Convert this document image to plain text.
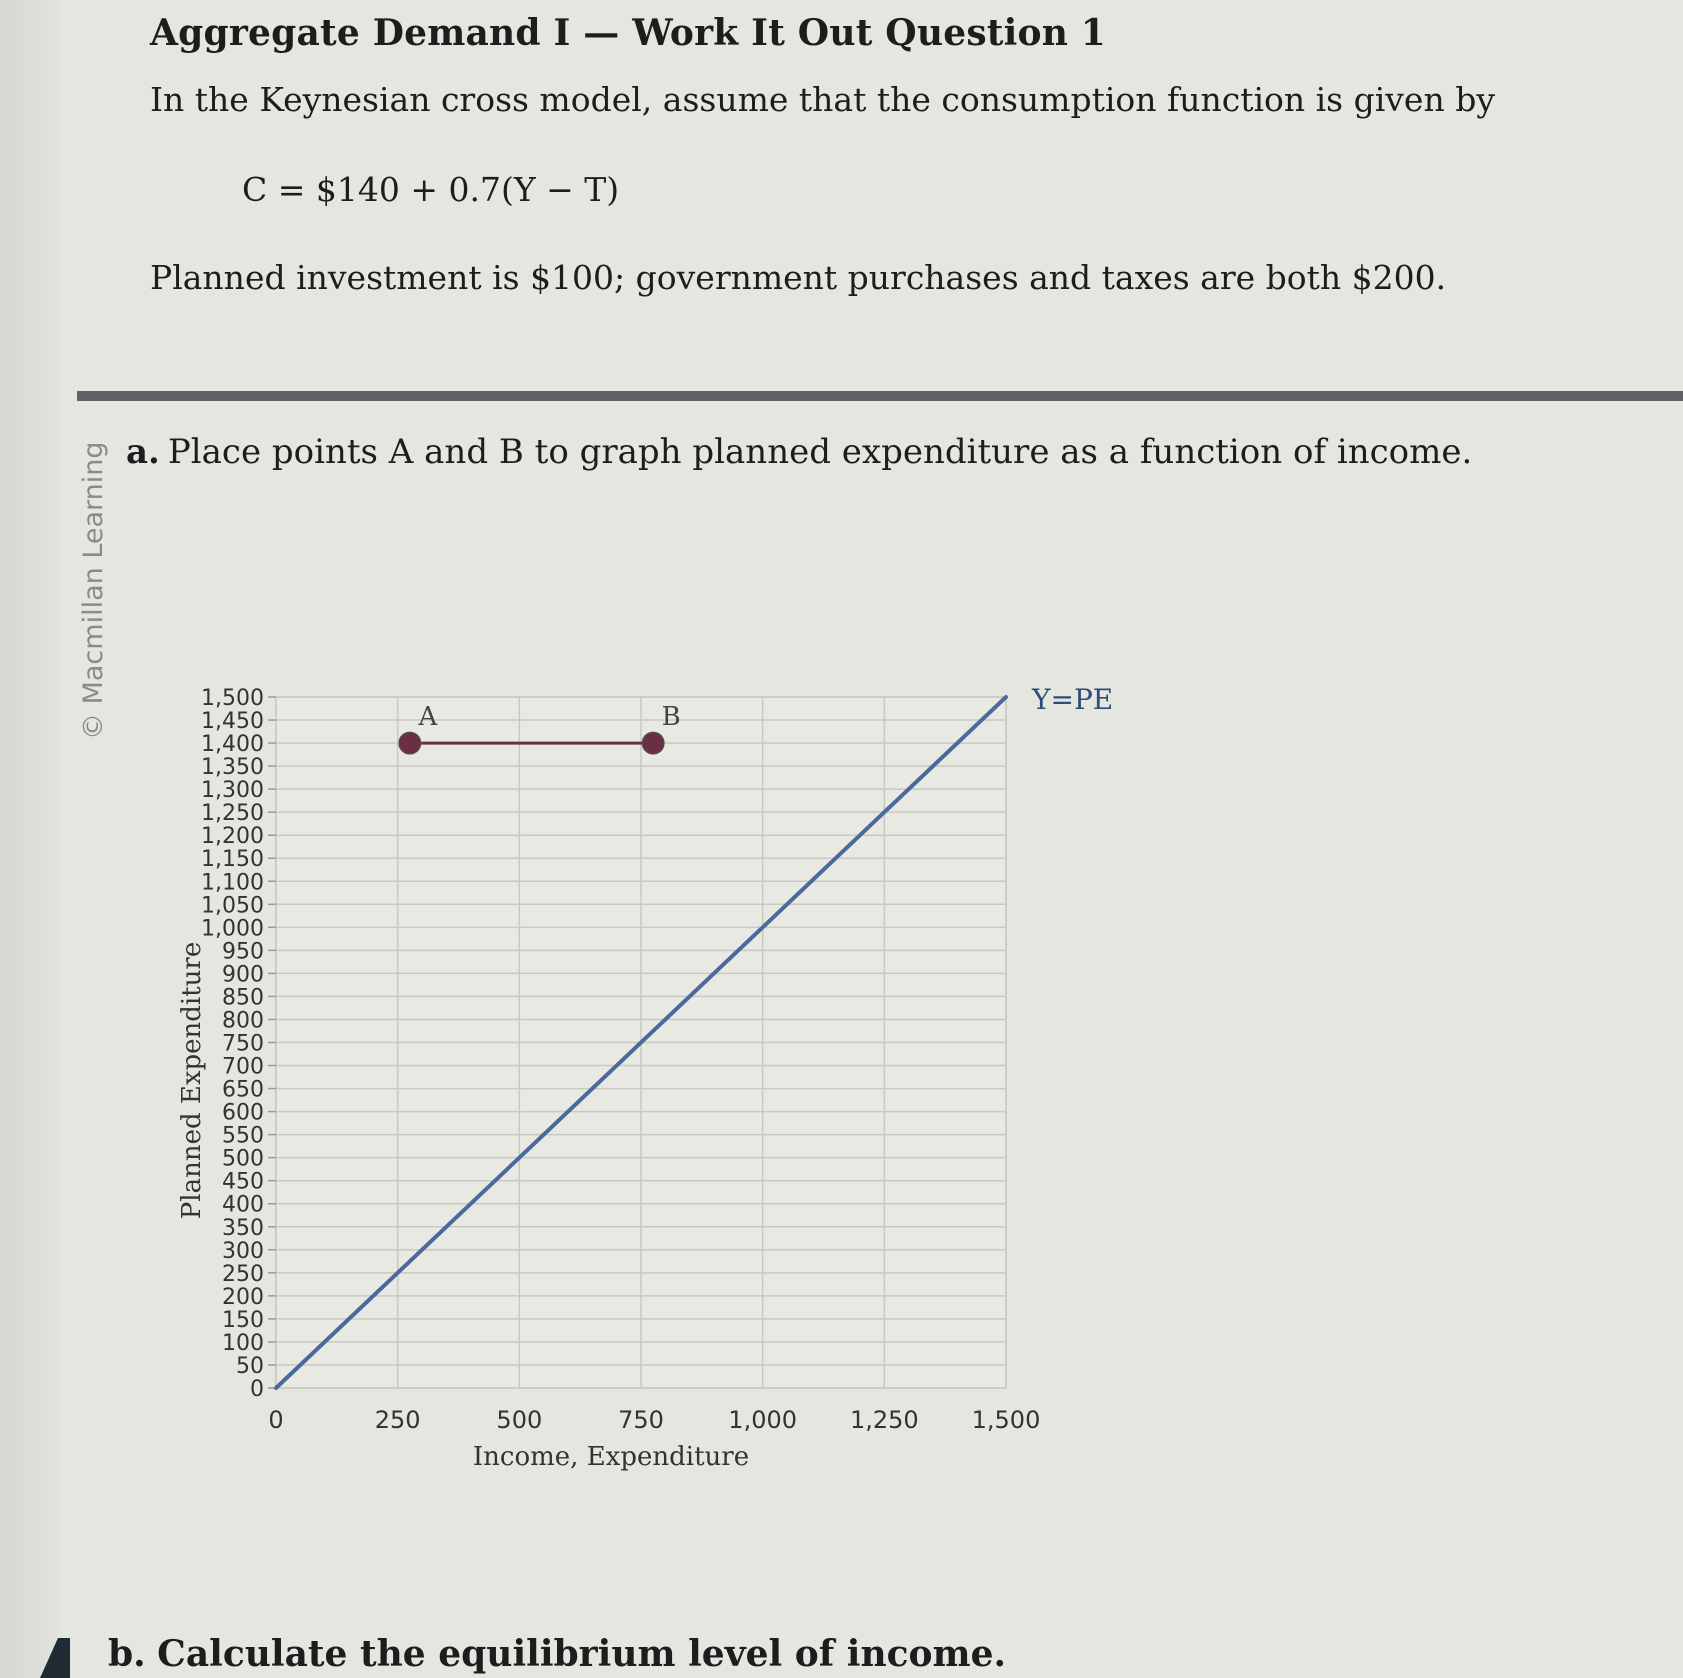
Aggregate Demand I — Work It Out Question 1
In the Keynesian cross model, assume that the consumption function is given by
C = $140 + 0.7(Y − T)
Planned investment is $100; government purchases and taxes are both $200.
© Macmillan Learning a. Place points A and B to graph planned expenditure as a function of income.
0
50
100
150
200
250
300
350
400
450
500
550
600
650
700
750
800
850
900
950
1,000
1,050
1,100
1,150
1,200
1,250
1,300
1,350
1,400
1,450
1,500
0	250	500	750	1,000 1,250 1,500
Income, Expenditure
Planned Expenditure
Y=PE
A	B
b. Calculate the equilibrium level of income.
